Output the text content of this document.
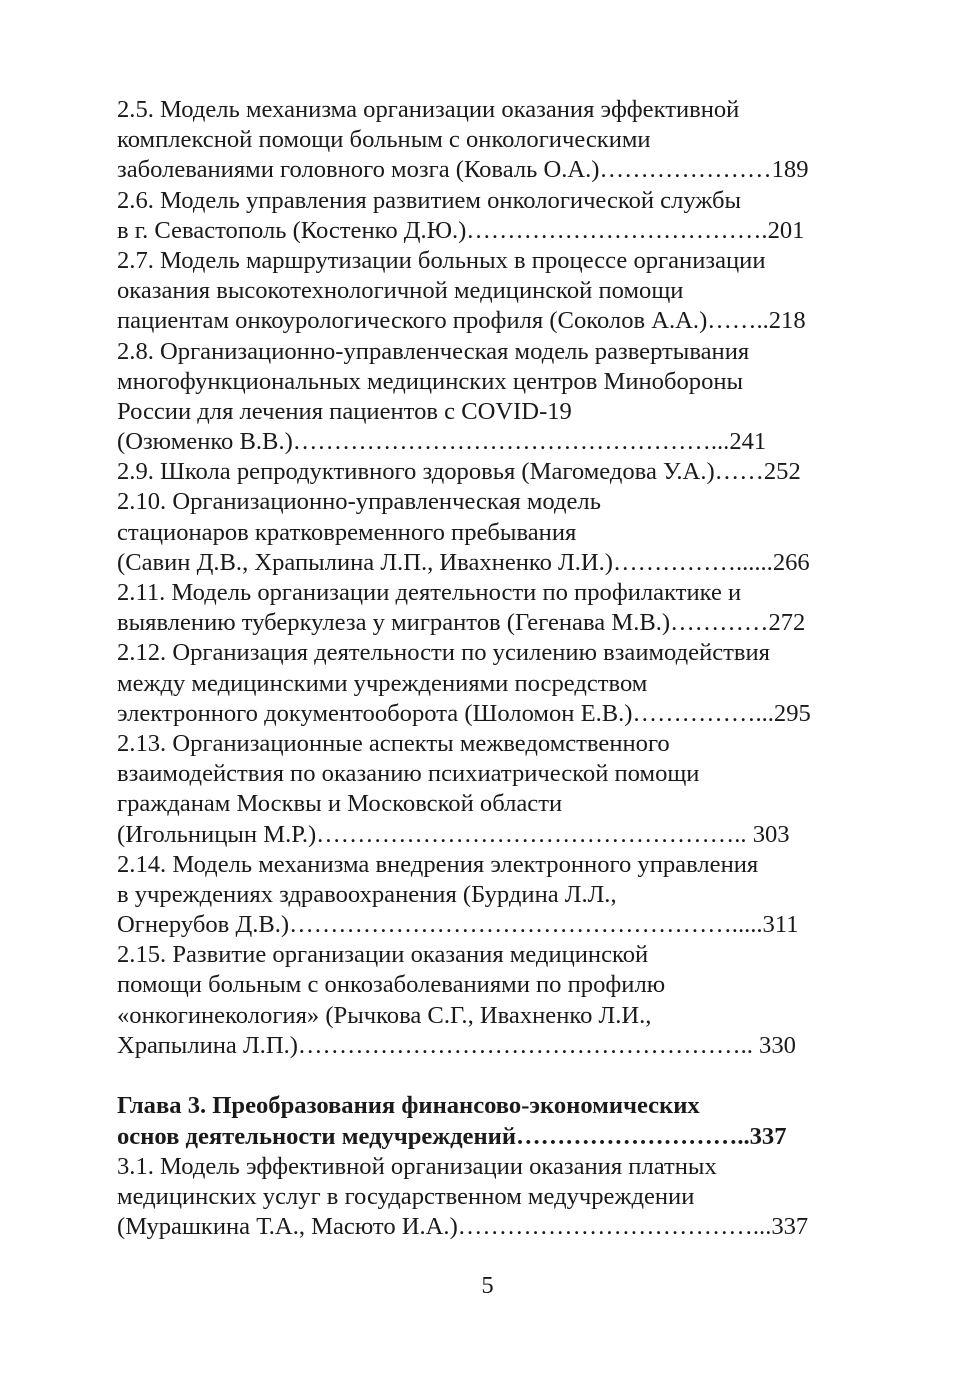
2.5. Модель механизма организации оказания эффективной
комплексной помощи больным с онкологическими
заболеваниями головного мозга (Коваль О.А.)…………………189
2.6. Модель управления развитием онкологической службы
в г. Севастополь (Костенко Д.Ю.)……………………………….201
2.7. Модель маршрутизации больных в процессе организации
оказания высокотехнологичной медицинской помощи
пациентам онкоурологического профиля (Соколов А.А.)……..218
2.8. Организационно-управленческая модель развертывания
многофункциональных медицинских центров Минобороны
России для лечения пациентов с COVID-19
(Озюменко В.В.)……………………………………………...241
2.9. Школа репродуктивного здоровья (Магомедова У.А.)……252
2.10. Организационно-управленческая модель
стационаров кратковременного пребывания
(Савин Д.В., Храпылина Л.П., Ивахненко Л.И.)……………......266
2.11. Модель организации деятельности по профилактике и
выявлению туберкулеза у мигрантов (Гегенава М.В.)…………272
2.12. Организация деятельности по усилению взаимодействия
между медицинскими учреждениями посредством
электронного документооборота (Шоломон Е.В.)……………...295
2.13. Организационные аспекты межведомственного
взаимодействия по оказанию психиатрической помощи
гражданам Москвы и Московской области
(Игольницын М.Р.)…………………………………………….. 303
2.14. Модель механизма внедрения электронного управления
в учреждениях здравоохранения (Бурдина Л.Л.,
Огнерубов Д.В.)……………………………………………….....311
2.15. Развитие организации оказания медицинской
помощи больным с онкозаболеваниями по профилю
«онкогинекология» (Рычкова С.Г., Ивахненко Л.И.,
Храпылина Л.П.)……………………………………………….. 330
Глава 3. Преобразования финансово-экономических
основ деятельности медучреждений………………………..337
3.1. Модель эффективной организации оказания платных
медицинских услуг в государственном медучреждении
(Мурашкина Т.А., Масюто И.А.)………………………………...337
5
